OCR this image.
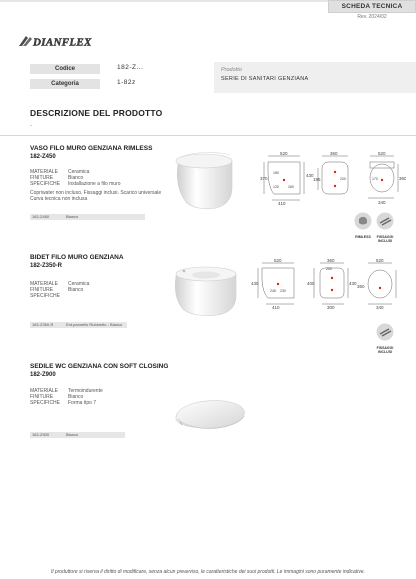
SCHEDA TECNICA
Rev. 2024/02
DIANFLEX
Codice	182-Z...
Categoria	1-82z
Prodotto
SERIE DI SANITARI GENZIANA
DESCRIZIONE DEL PRODOTTO
-
VASO FILO MURO GENZIANA RIMLESS
182-Z450
MATERIALE Ceramica
FINITURE	Bianco
SPECIFICHE Installazione a filo muro
Copriwater non incluso. Fissaggi inclusi. Scarico universale
Curva tecnica non inclusa
182-Z450	Bianco
520
370
430
410
360
195
520
360
340
180
260
120
200	170
RIMLESS	FISSAGGI INCLUSI
BIDET FILO MURO GENZIANA
182-Z350-R
MATERIALE Ceramica
FINITURE	Bianco
SPECIFICHE
182-Z350-R	Ent.pannello Rubinetto - Bianco
520
430
410
360
250
400	430
300
245 230
520
360
340
FISSAGGI INCLUSI
SEDILE WC GENZIANA CON SOFT CLOSING
182-Z900
MATERIALE Termoindurente
FINITURE	Bianco
SPECIFICHE Forma tipo 7
182-Z900	Bianco
Il produttore si riserva il diritto di modificare, senza alcun preavviso, le caratteristiche dei suoi prodotti. Le immagini sono puramente indicative.
